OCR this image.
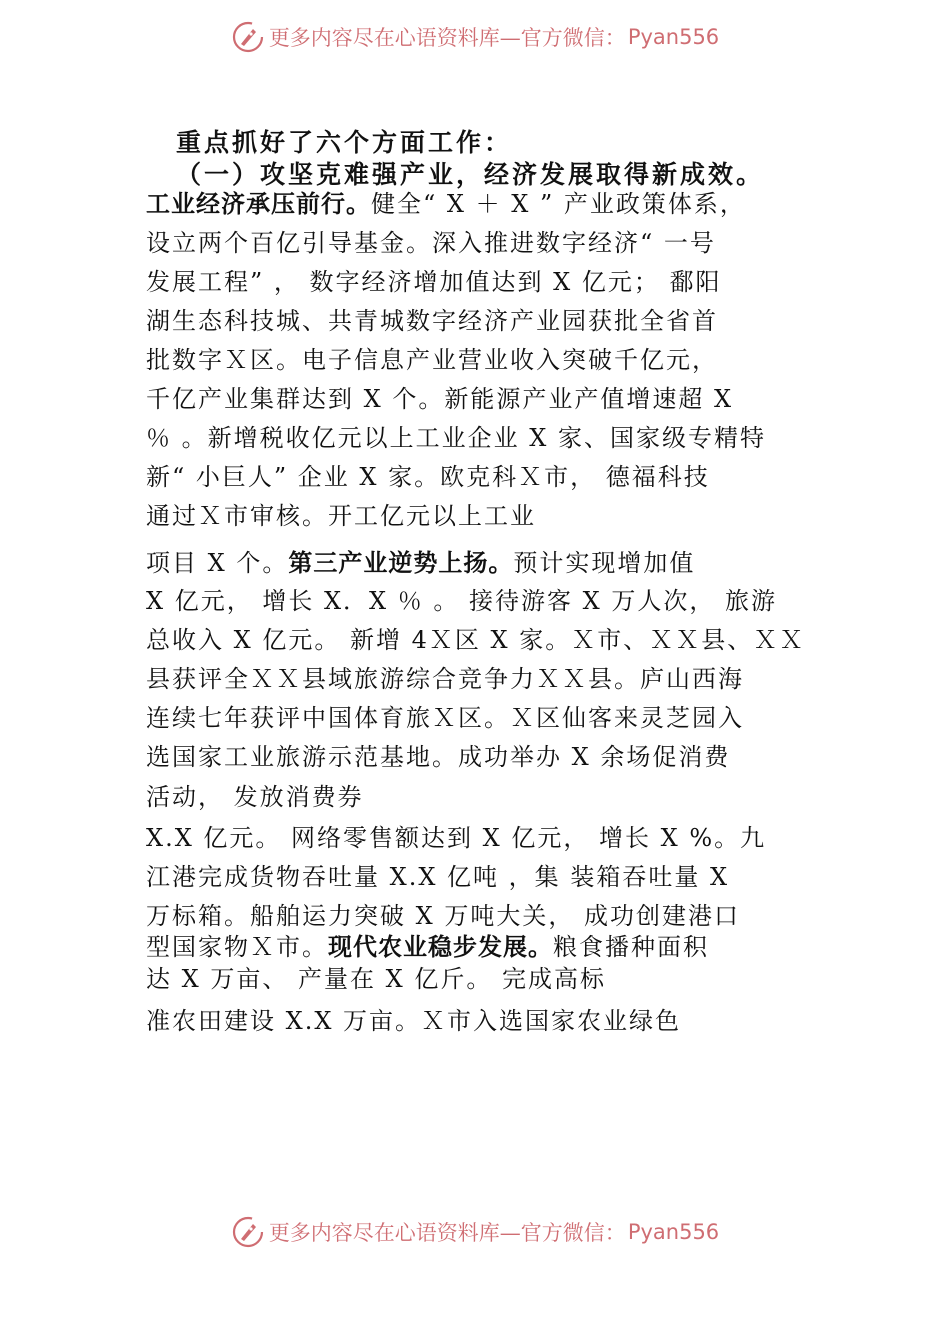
更多内容尽在心语资料库—官方微信： Pyan556
重点抓好了六个方面工作：
（一）攻坚克难强产业，经济发展取得新成效。
工业经济承压前行。健全“ X ＋ X ” 产业政策体系，
设立两个百亿引导基金。深入推进数字经济“ 一号
发展工程” ， 数字经济增加值达到 X 亿元； 鄱阳
湖生态科技城、共青城数字经济产业园获批全省首
批数字Ｘ区。电子信息产业营业收入突破千亿元，
千亿产业集群达到 X 个。新能源产业产值增速超 X
％ 。新增税收亿元以上工业企业 X 家、国家级专精特
新“ 小巨人” 企业 X 家。欧克科Ｘ市， 德福科技
通过Ｘ市审核。开工亿元以上工业
项目 X 个。第三产业逆势上扬。预计实现增加值
X 亿元， 增长 X．X ％ 。 接待游客 X 万人次， 旅游
总收入 X 亿元。 新增 4Ｘ区 X 家。Ｘ市、ＸＸ县、ＸＸ
县获评全ＸＸ县域旅游综合竞争力ＸＸ县。庐山西海
连续七年获评中国体育旅Ｘ区。Ｘ区仙客来灵芝园入
选国家工业旅游示范基地。成功举办 X 余场促消费
活动， 发放消费券
X.X 亿元。 网络零售额达到 X 亿元， 增长 X %。九
江港完成货物吞吐量 X.X 亿吨 ，集 装箱吞吐量 X
万标箱。船舶运力突破 X 万吨大关， 成功创建港口
型国家物Ｘ市。现代农业稳步发展。粮食播种面积
达 X 万亩、 产量在 X 亿斤。 完成高标
准农田建设 X.X 万亩。Ｘ市入选国家农业绿色
更多内容尽在心语资料库—官方微信： Pyan556
